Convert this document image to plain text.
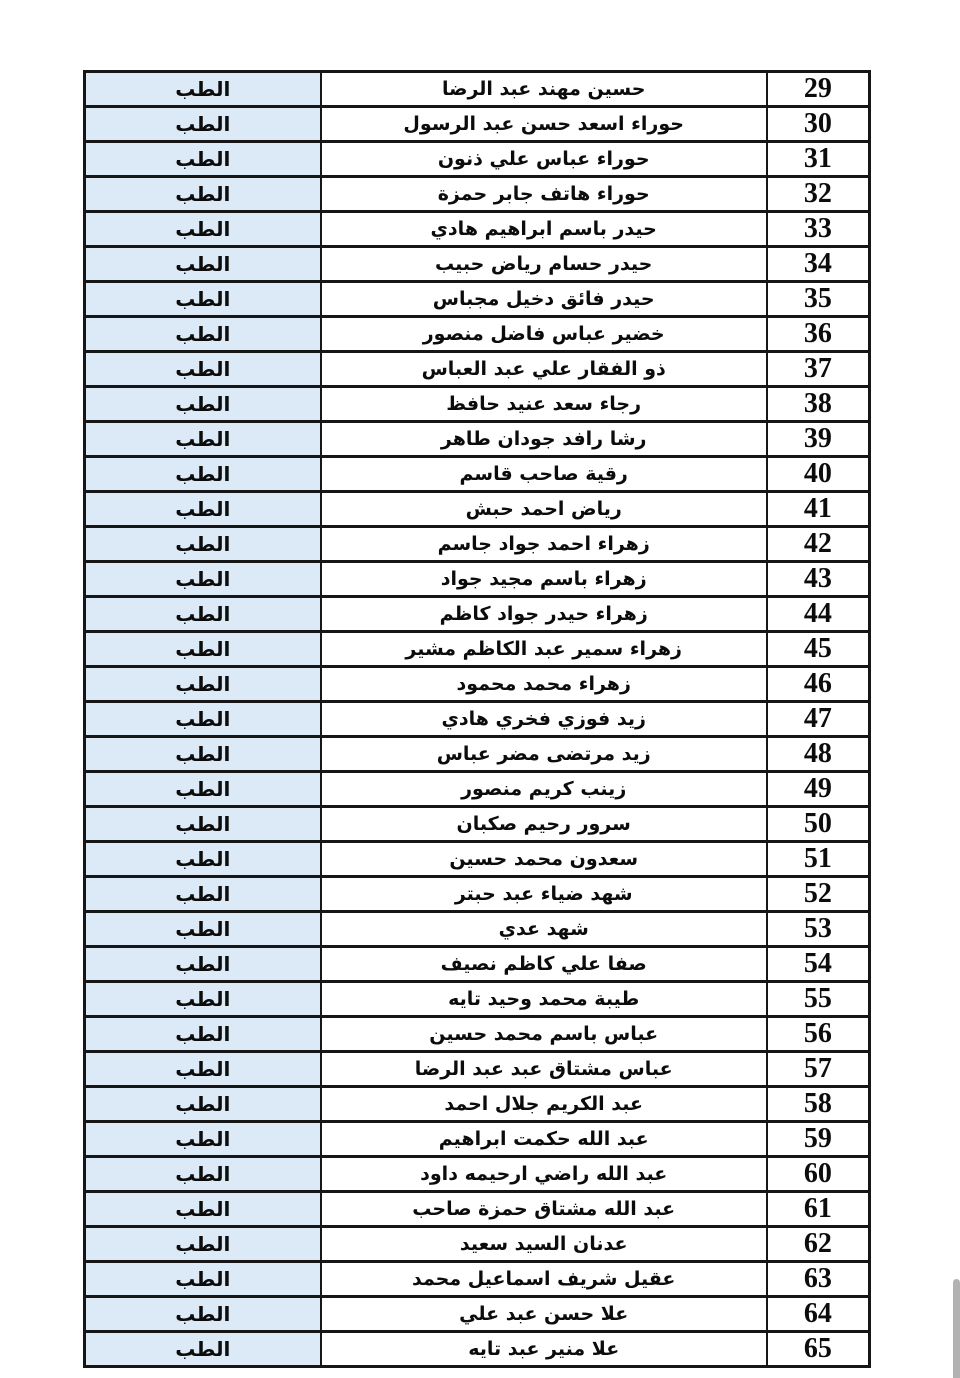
29	حسين مهند عبد الرضا	الطب
30	حوراء اسعد حسن عبد الرسول	الطب
31	حوراء عباس علي ذنون	الطب
32	حوراء هاتف جابر حمزة	الطب
33	حيدر باسم ابراهيم هادي	الطب
34	حيدر حسام رياض حبيب	الطب
35	حيدر فائق دخيل مجباس	الطب
36	خضير عباس فاضل منصور	الطب
37	ذو الفقار علي عبد العباس	الطب
38	رجاء سعد عنيد حافظ	الطب
39	رشا رافد جودان طاهر	الطب
40	رقية صاحب قاسم	الطب
41	رياض احمد حبش	الطب
42	زهراء احمد جواد جاسم	الطب
43	زهراء باسم مجيد جواد	الطب
44	زهراء حيدر جواد كاظم	الطب
45	زهراء سمير عبد الكاظم مشير	الطب
46	زهراء محمد محمود	الطب
47	زيد فوزي فخري هادي	الطب
48	زيد مرتضى مضر عباس	الطب
49	زينب كريم منصور	الطب
50	سرور رحيم صكبان	الطب
51	سعدون محمد حسين	الطب
52	شهد ضياء عبد حبتر	الطب
53	شهد عدي	الطب
54	صفا علي كاظم نصيف	الطب
55	طيبة محمد وحيد تايه	الطب
56	عباس باسم محمد حسين	الطب
57	عباس مشتاق عبد عبد الرضا	الطب
58	عبد الكريم جلال احمد	الطب
59	عبد الله حكمت ابراهيم	الطب
60	عبد الله راضي ارحيمه داود	الطب
61	عبد الله مشتاق حمزة صاحب	الطب
62	عدنان السيد سعيد	الطب
63	عقيل شريف اسماعيل محمد	الطب
64	علا حسن عبد علي	الطب
65	علا منير عبد تايه	الطب
